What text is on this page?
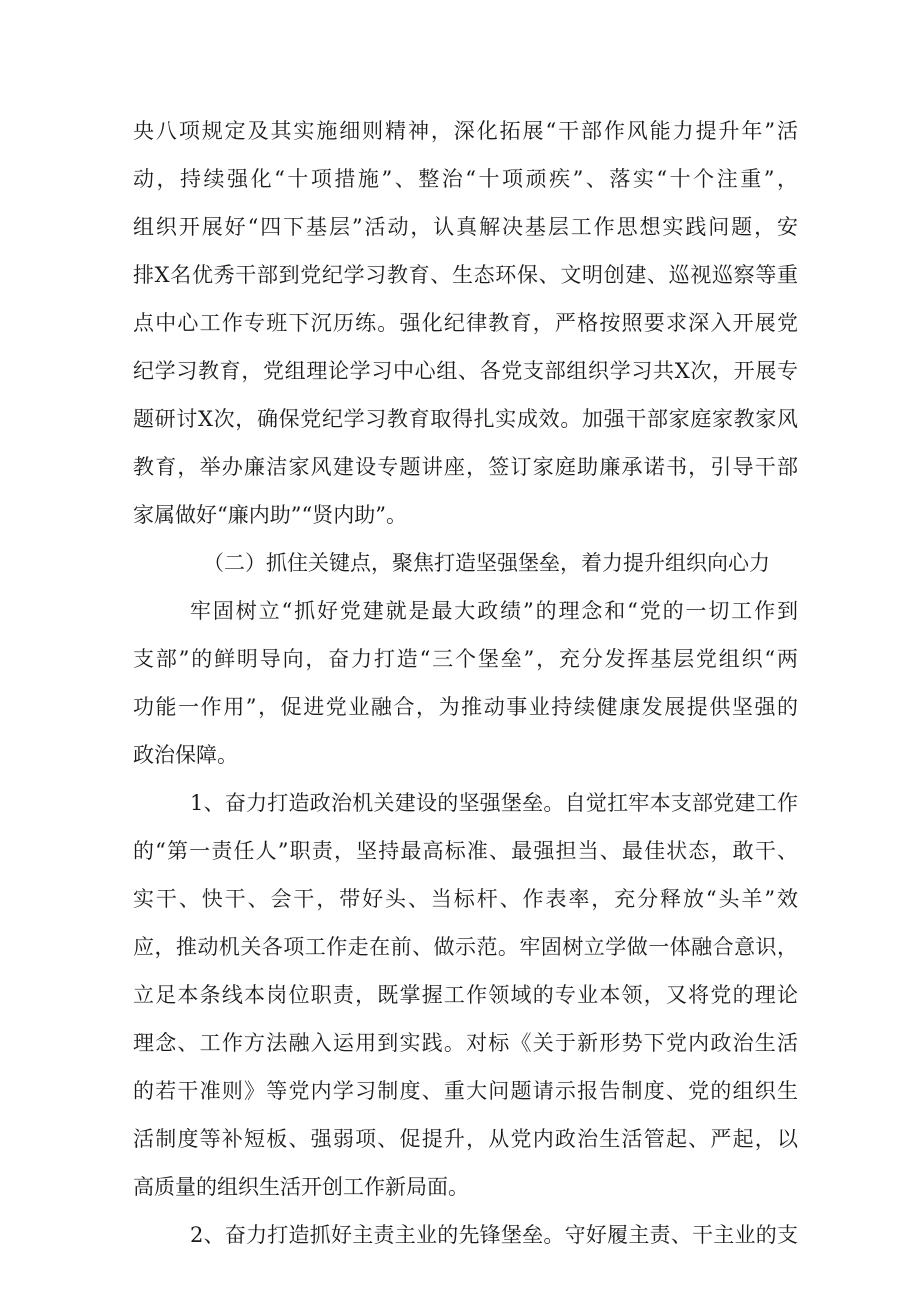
央八项规定及其实施细则精神，深化拓展“干部作风能力提升年”活
动，持续强化“十项措施”、整治“十项顽疾”、落实“十个注重”，
组织开展好“四下基层”活动，认真解决基层工作思想实践问题，安
排X名优秀干部到党纪学习教育、生态环保、文明创建、巡视巡察等重
点中心工作专班下沉历练。强化纪律教育，严格按照要求深入开展党
纪学习教育，党组理论学习中心组、各党支部组织学习共X次，开展专
题研讨X次，确保党纪学习教育取得扎实成效。加强干部家庭家教家风
教育，举办廉洁家风建设专题讲座，签订家庭助廉承诺书，引导干部
家属做好“廉内助”“贤内助”。
（二）抓住关键点，聚焦打造坚强堡垒，着力提升组织向心力
牢固树立“抓好党建就是最大政绩”的理念和“党的一切工作到
支部”的鲜明导向，奋力打造“三个堡垒”，充分发挥基层党组织“两
功能一作用”，促进党业融合，为推动事业持续健康发展提供坚强的
政治保障。
1、奋力打造政治机关建设的坚强堡垒。自觉扛牢本支部党建工作
的“第一责任人”职责，坚持最高标准、最强担当、最佳状态，敢干、
实干、快干、会干，带好头、当标杆、作表率，充分释放“头羊”效
应，推动机关各项工作走在前、做示范。牢固树立学做一体融合意识，
立足本条线本岗位职责，既掌握工作领域的专业本领，又将党的理论
理念、工作方法融入运用到实践。对标《关于新形势下党内政治生活
的若干准则》等党内学习制度、重大问题请示报告制度、党的组织生
活制度等补短板、强弱项、促提升，从党内政治生活管起、严起，以
高质量的组织生活开创工作新局面。
2、奋力打造抓好主责主业的先锋堡垒。守好履主责、干主业的支
